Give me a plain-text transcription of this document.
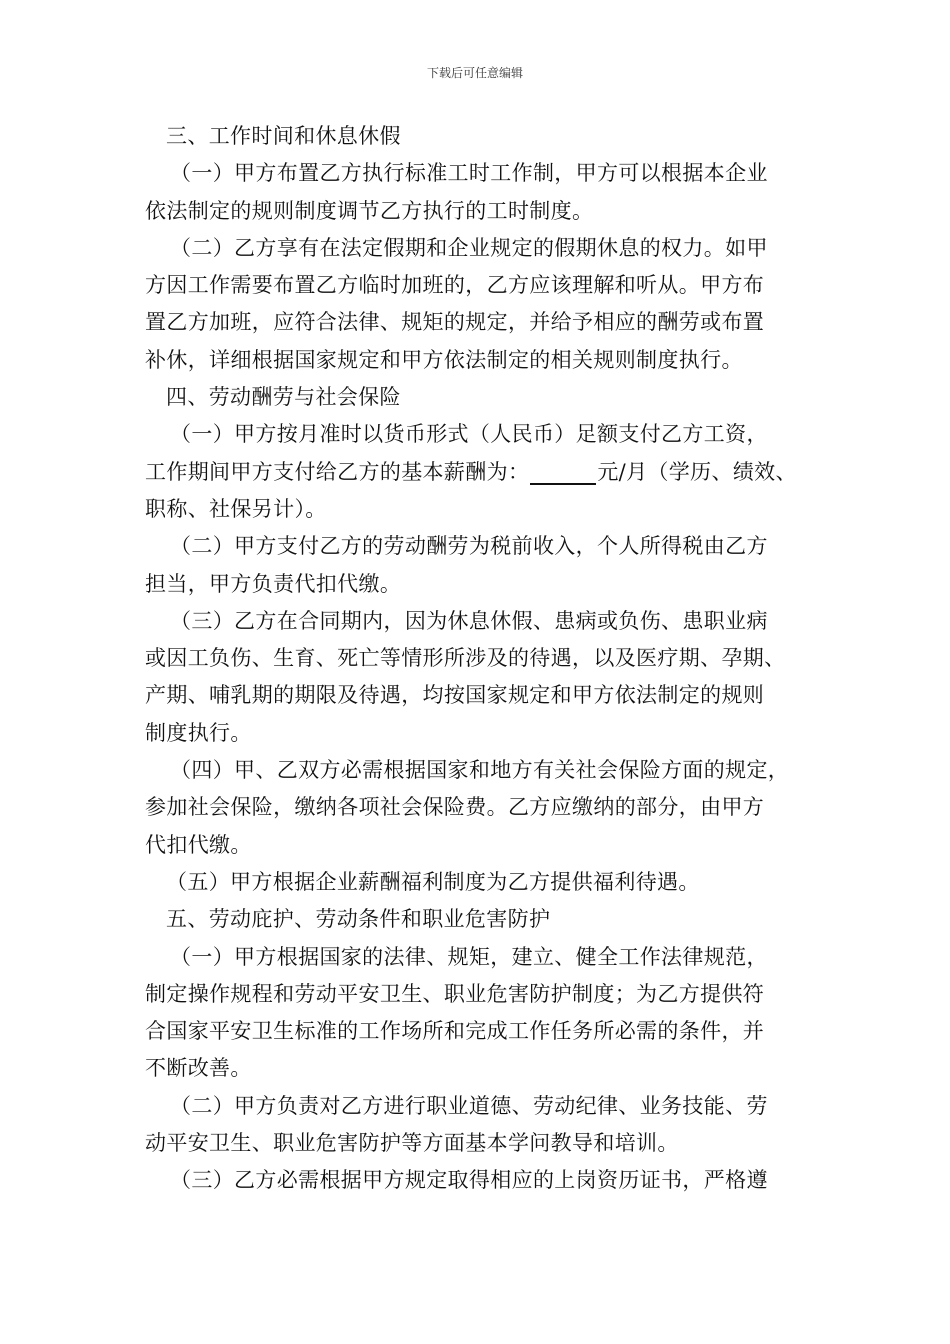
下载后可任意编辑
三、工作时间和休息休假
（一）甲方布置乙方执行标准工时工作制，甲方可以根据本企业
依法制定的规则制度调节乙方执行的工时制度。
（二）乙方享有在法定假期和企业规定的假期休息的权力。如甲
方因工作需要布置乙方临时加班的，乙方应该理解和听从。甲方布
置乙方加班，应符合法律、规矩的规定，并给予相应的酬劳或布置
补休，详细根据国家规定和甲方依法制定的相关规则制度执行。
四、劳动酬劳与社会保险
（一）甲方按月准时以货币形式（人民币）足额支付乙方工资，
工作期间甲方支付给乙方的基本薪酬为：	元/月（学历、绩效、
职称、社保另计）。
（二）甲方支付乙方的劳动酬劳为税前收入，个人所得税由乙方
担当，甲方负责代扣代缴。
（三）乙方在合同期内，因为休息休假、患病或负伤、患职业病
或因工负伤、生育、死亡等情形所涉及的待遇，以及医疗期、孕期、
产期、哺乳期的期限及待遇，均按国家规定和甲方依法制定的规则
制度执行。
（四）甲、乙双方必需根据国家和地方有关社会保险方面的规定，
参加社会保险，缴纳各项社会保险费。乙方应缴纳的部分，由甲方
代扣代缴。
（五）甲方根据企业薪酬福利制度为乙方提供福利待遇。
五、劳动庇护、劳动条件和职业危害防护
（一）甲方根据国家的法律、规矩，建立、健全工作法律规范，
制定操作规程和劳动平安卫生、职业危害防护制度；为乙方提供符
合国家平安卫生标准的工作场所和完成工作任务所必需的条件，并
不断改善。
（二）甲方负责对乙方进行职业道德、劳动纪律、业务技能、劳
动平安卫生、职业危害防护等方面基本学问教导和培训。
（三）乙方必需根据甲方规定取得相应的上岗资历证书，严格遵
